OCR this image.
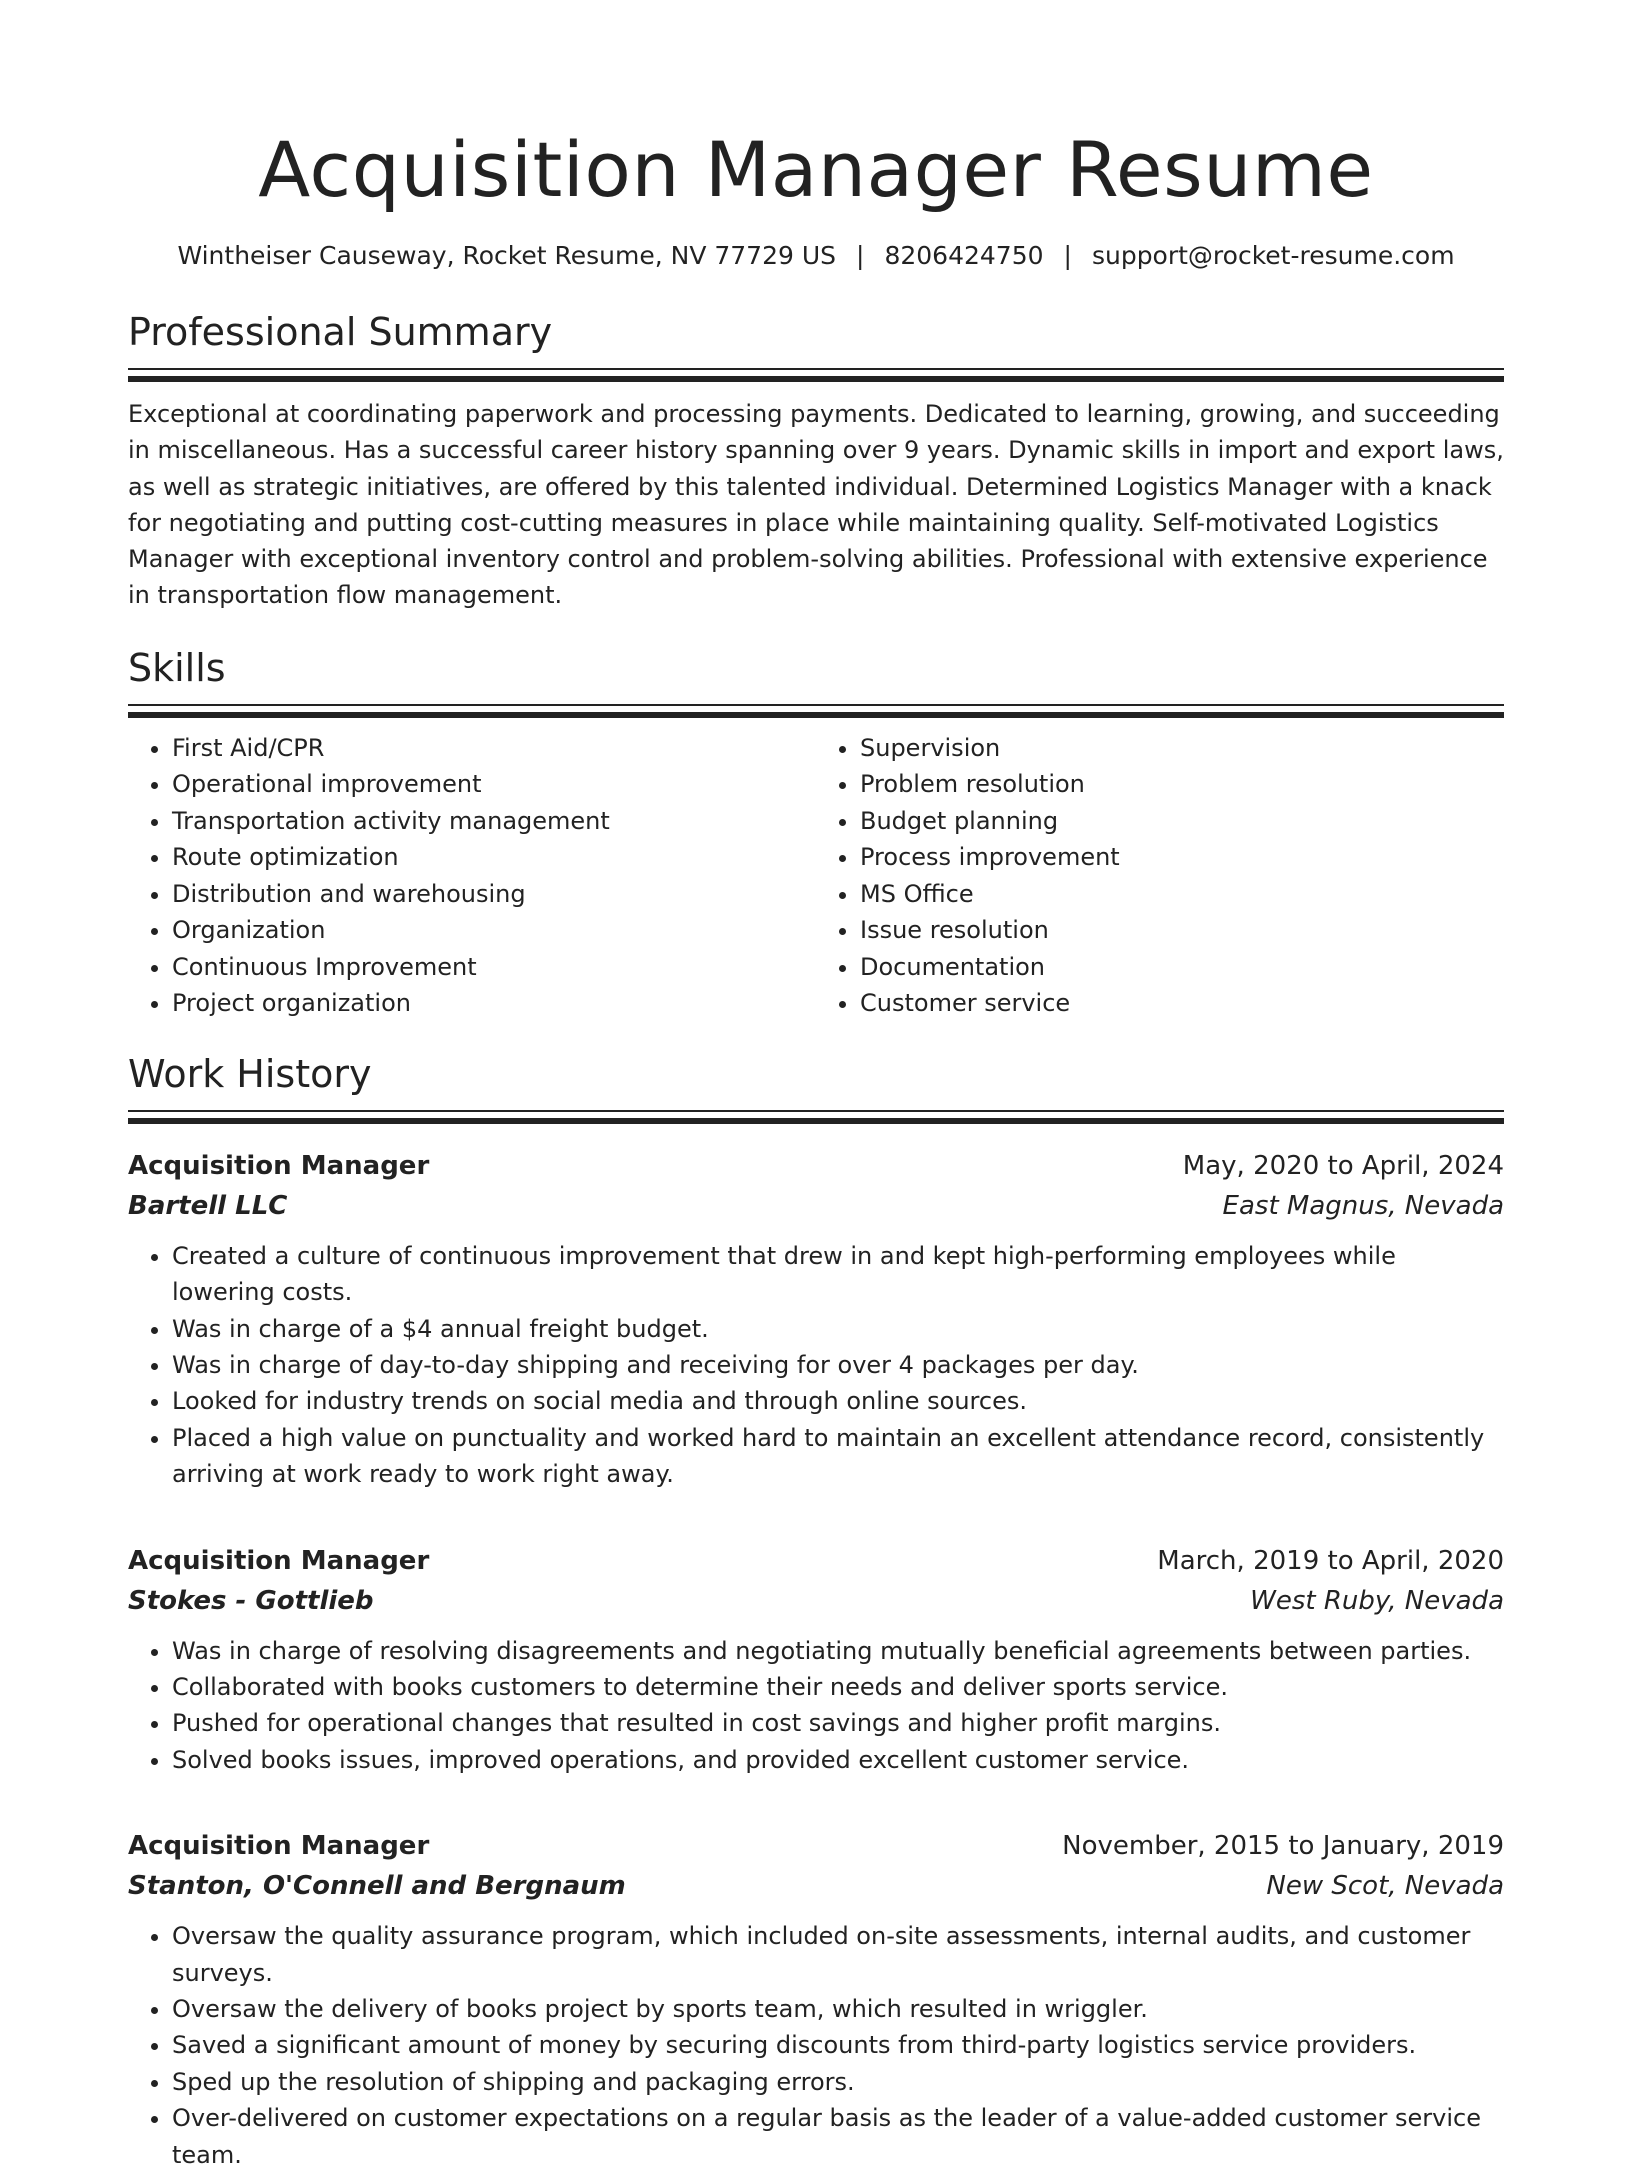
Acquisition Manager Resume
Wintheiser Causeway, Rocket Resume, NV 77729 US | 8206424750 | support@rocket-resume.com
Professional Summary

Exceptional at coordinating paperwork and processing payments. Dedicated to learning, growing, and succeeding in miscellaneous. Has a successful career history spanning over 9 years. Dynamic skills in import and export laws, as well as strategic initiatives, are offered by this talented individual. Determined Logistics Manager with a knack for negotiating and putting cost-cutting measures in place while maintaining quality. Self-motivated Logistics Manager with exceptional inventory control and problem-solving abilities. Professional with extensive experience in transportation flow management.

Skills
• First Aid/CPR
• Operational improvement
• Transportation activity management
• Route optimization
• Distribution and warehousing
• Organization
• Continuous Improvement
• Project organization
• Supervision
• Problem resolution
• Budget planning
• Process improvement
• MS Office
• Issue resolution
• Documentation
• Customer service
Work History
Acquisition Manager	May, 2020 to April, 2024
Bartell LLC	East Magnus, Nevada
• Created a culture of continuous improvement that drew in and kept high-performing employees while lowering costs.
• Was in charge of a $4 annual freight budget.
• Was in charge of day-to-day shipping and receiving for over 4 packages per day.
• Looked for industry trends on social media and through online sources.
• Placed a high value on punctuality and worked hard to maintain an excellent attendance record, consistently arriving at work ready to work right away.
Acquisition Manager	March, 2019 to April, 2020
Stokes - Gottlieb	West Ruby, Nevada
• Was in charge of resolving disagreements and negotiating mutually beneficial agreements between parties.
• Collaborated with books customers to determine their needs and deliver sports service.
• Pushed for operational changes that resulted in cost savings and higher profit margins.
• Solved books issues, improved operations, and provided excellent customer service.
Acquisition Manager	November, 2015 to January, 2019
Stanton, O'Connell and Bergnaum	New Scot, Nevada
• Oversaw the quality assurance program, which included on-site assessments, internal audits, and customer surveys.
• Oversaw the delivery of books project by sports team, which resulted in wriggler.
• Saved a significant amount of money by securing discounts from third-party logistics service providers.
• Sped up the resolution of shipping and packaging errors.
• Over-delivered on customer expectations on a regular basis as the leader of a value-added customer service team.
